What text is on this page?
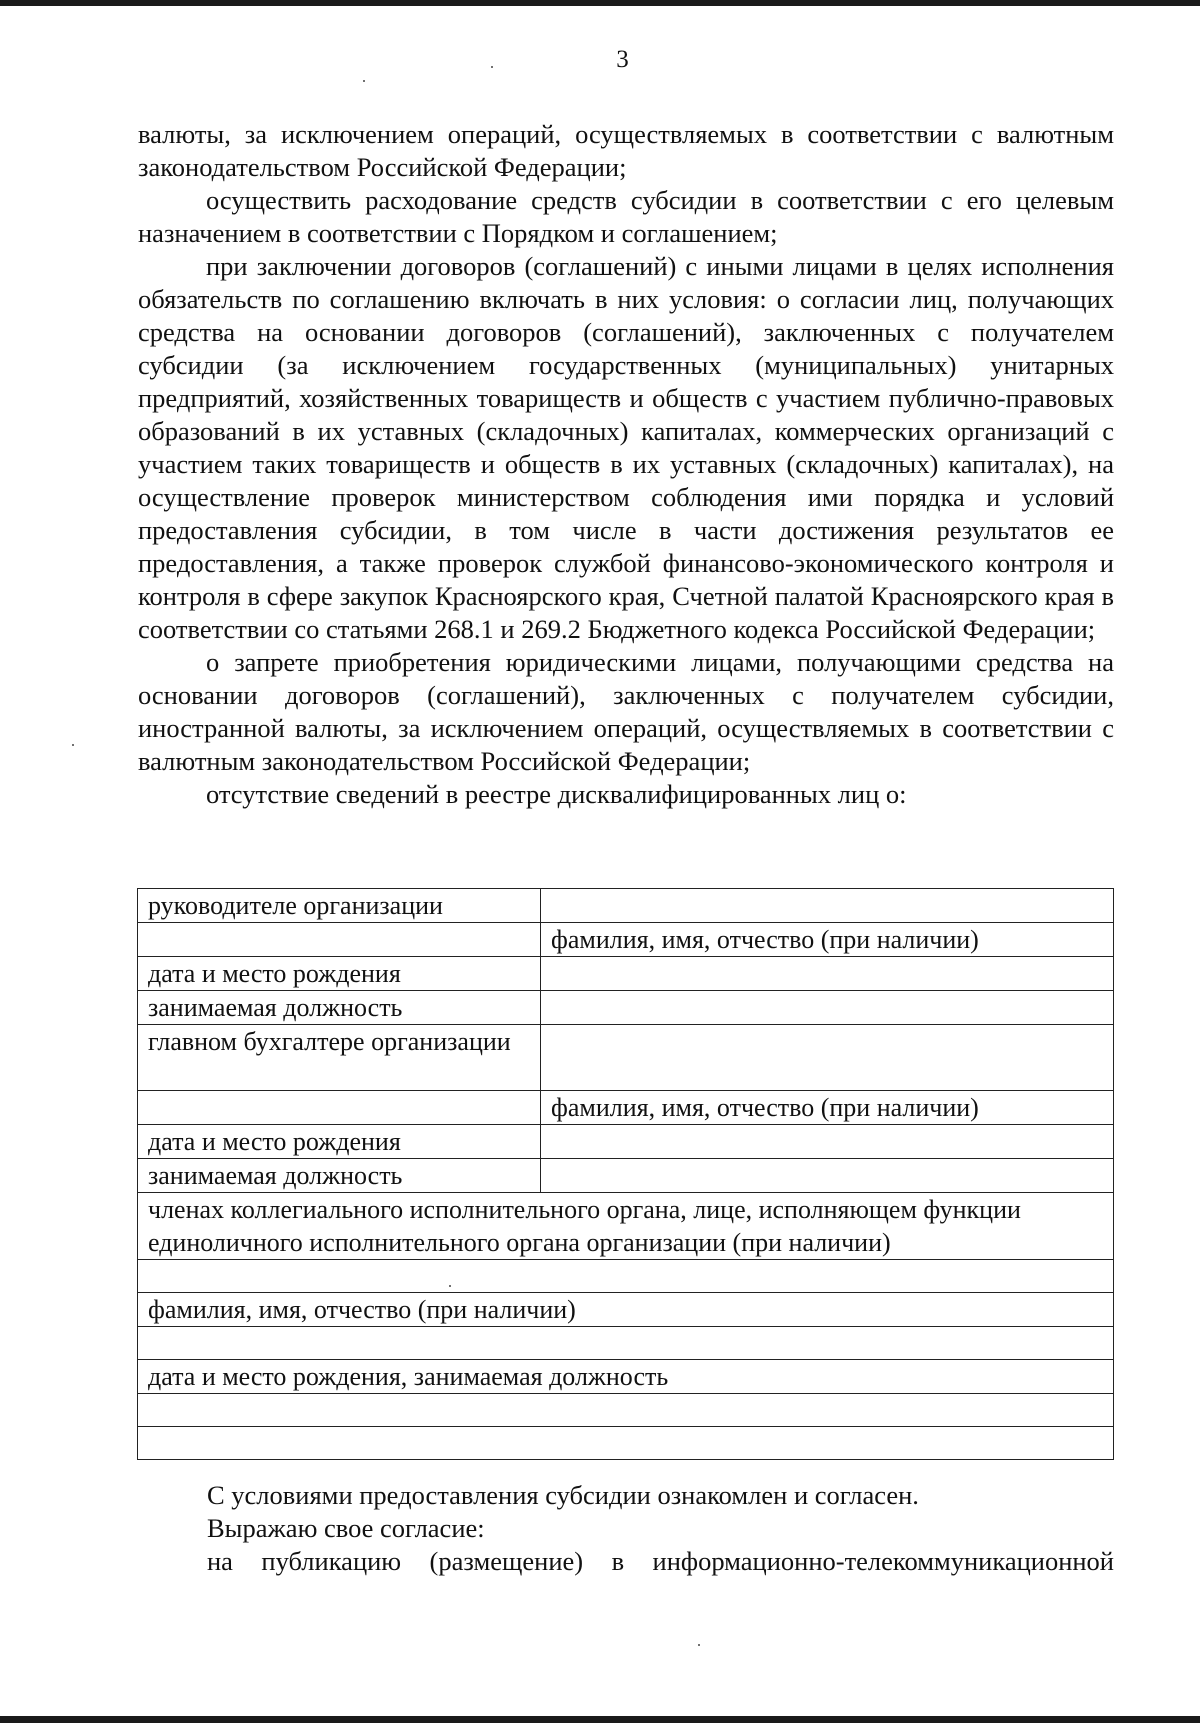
3

валюты, за исключением операций, осуществляемых в соответствии с валютным законодательством Российской Федерации;

осуществить расходование средств субсидии в соответствии с его целевым назначением в соответствии с Порядком и соглашением;

при заключении договоров (соглашений) с иными лицами в целях исполнения обязательств по соглашению включать в них условия: о согласии лиц, получающих средства на основании договоров (соглашений), заключенных с получателем субсидии (за исключением государственных (муниципальных) унитарных предприятий, хозяйственных товариществ и обществ с участием публично-правовых образований в их уставных (складочных) капиталах, коммерческих организаций с участием таких товариществ и обществ в их уставных (складочных) капиталах), на осуществление проверок министерством соблюдения ими порядка и условий предоставления субсидии, в том числе в части достижения результатов ее предоставления, а также проверок службой финансово-экономического контроля и контроля в сфере закупок Красноярского края, Счетной палатой Красноярского края в соответствии со статьями 268.1 и 269.2 Бюджетного кодекса Российской Федерации;

о запрете приобретения юридическими лицами, получающими средства на основании договоров (соглашений), заключенных с получателем субсидии, иностранной валюты, за исключением операций, осуществляемых в соответствии с валютным законодательством Российской Федерации;

отсутствие сведений в реестре дисквалифицированных лиц о:

руководителе организации	
	фамилия, имя, отчество (при наличии)
дата и место рождения	
занимаемая должность	
главном бухгалтере организации	
	фамилия, имя, отчество (при наличии)
дата и место рождения	
занимаемая должность	
членах коллегиального исполнительного органа, лице, исполняющем функции единоличного исполнительного органа организации (при наличии)	

фамилия, имя, отчество (при наличии)	

дата и место рождения, занимаемая должность	

С условиями предоставления субсидии ознакомлен и согласен.

Выражаю свое согласие:

на публикацию (размещение) в информационно-телекоммуникационной
